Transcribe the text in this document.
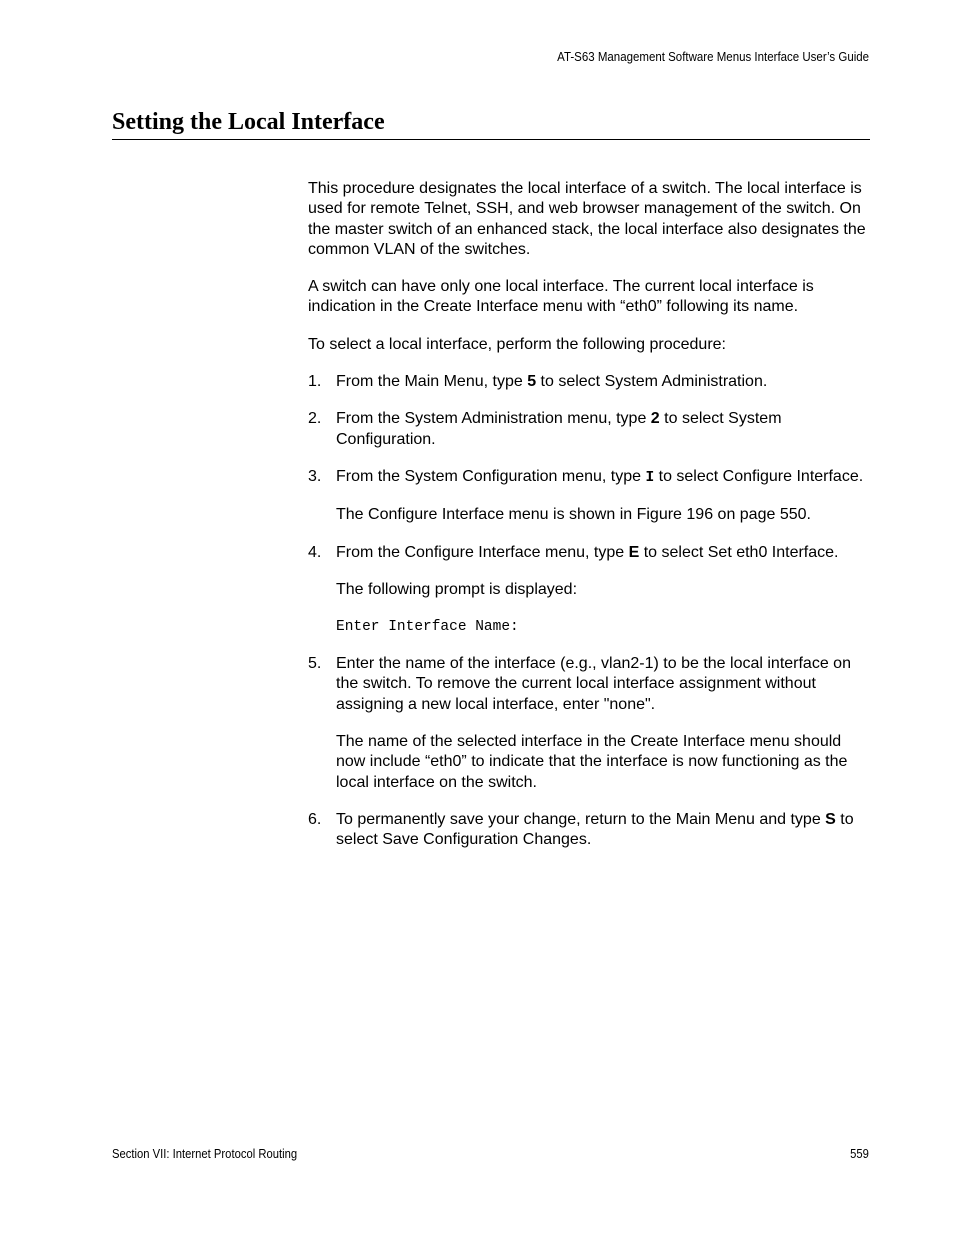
AT-S63 Management Software Menus Interface User’s Guide
Setting the Local Interface

This procedure designates the local interface of a switch. The local interface is used for remote Telnet, SSH, and web browser management of the switch. On the master switch of an enhanced stack, the local interface also designates the common VLAN of the switches.

A switch can have only one local interface. The current local interface is indication in the Create Interface menu with “eth0” following its name.

To select a local interface, perform the following procedure:

1. From the Main Menu, type 5 to select System Administration.
2. From the System Administration menu, type 2 to select System Configuration.
3. From the System Configuration menu, type I to select Configure Interface.

The Configure Interface menu is shown in Figure 196 on page 550.

4. From the Configure Interface menu, type E to select Set eth0 Interface.

The following prompt is displayed:

Enter Interface Name:
5. Enter the name of the interface (e.g., vlan2-1) to be the local interface on the switch. To remove the current local interface assignment without assigning a new local interface, enter "none".

The name of the selected interface in the Create Interface menu should now include “eth0” to indicate that the interface is now functioning as the local interface on the switch.

6. To permanently save your change, return to the Main Menu and type S to select Save Configuration Changes.
Section VII: Internet Protocol Routing	559
